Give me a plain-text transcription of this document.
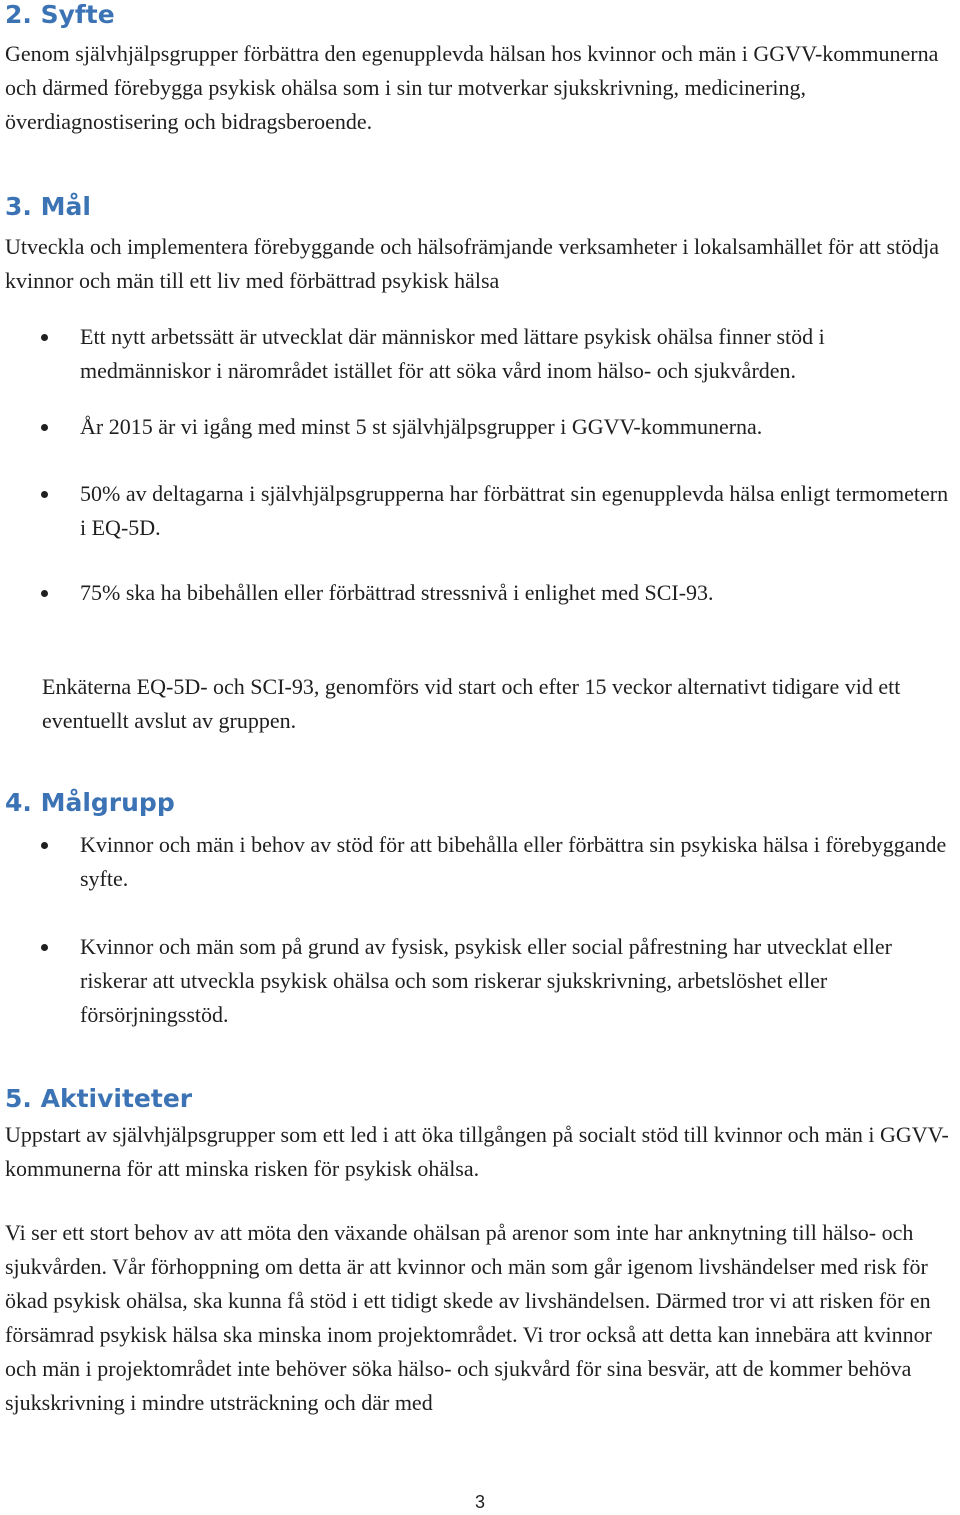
2. Syfte

Genom självhjälpsgrupper förbättra den egenupplevda hälsan hos kvinnor och män i GGVV-kommunerna och därmed förebygga psykisk ohälsa som i sin tur motverkar sjukskrivning, medicinering, överdiagnostisering och bidragsberoende.

3. Mål

Utveckla och implementera förebyggande och hälsofrämjande verksamheter i lokalsamhället för att stödja kvinnor och män till ett liv med förbättrad psykisk hälsa

Ett nytt arbetssätt är utvecklat där människor med lättare psykisk ohälsa finner stöd i medmänniskor i närområdet istället för att söka vård inom hälso- och sjukvården.
År 2015 är vi igång med minst 5 st självhjälpsgrupper i GGVV-kommunerna.
50% av deltagarna i självhjälpsgrupperna har förbättrat sin egenupplevda hälsa enligt termometern i EQ-5D.
75% ska ha bibehållen eller förbättrad stressnivå i enlighet med SCI-93.

Enkäterna EQ-5D- och SCI-93, genomförs vid start och efter 15 veckor alternativt tidigare vid ett eventuellt avslut av gruppen.

4. Målgrupp
Kvinnor och män i behov av stöd för att bibehålla eller förbättra sin psykiska hälsa i förebyggande syfte.
Kvinnor och män som på grund av fysisk, psykisk eller social påfrestning har utvecklat eller riskerar att utveckla psykisk ohälsa och som riskerar sjukskrivning, arbetslöshet eller försörjningsstöd.
5. Aktiviteter

Uppstart av självhjälpsgrupper som ett led i att öka tillgången på socialt stöd till kvinnor och män i GGVV- kommunerna för att minska risken för psykisk ohälsa.

Vi ser ett stort behov av att möta den växande ohälsan på arenor som inte har anknytning till hälso- och sjukvården. Vår förhoppning om detta är att kvinnor och män som går igenom livshändelser med risk för ökad psykisk ohälsa, ska kunna få stöd i ett tidigt skede av livshändelsen. Därmed tror vi att risken för en försämrad psykisk hälsa ska minska inom projektområdet. Vi tror också att detta kan innebära att kvinnor och män i projektområdet inte behöver söka hälso- och sjukvård för sina besvär, att de kommer behöva sjukskrivning i mindre utsträckning och där med

3
